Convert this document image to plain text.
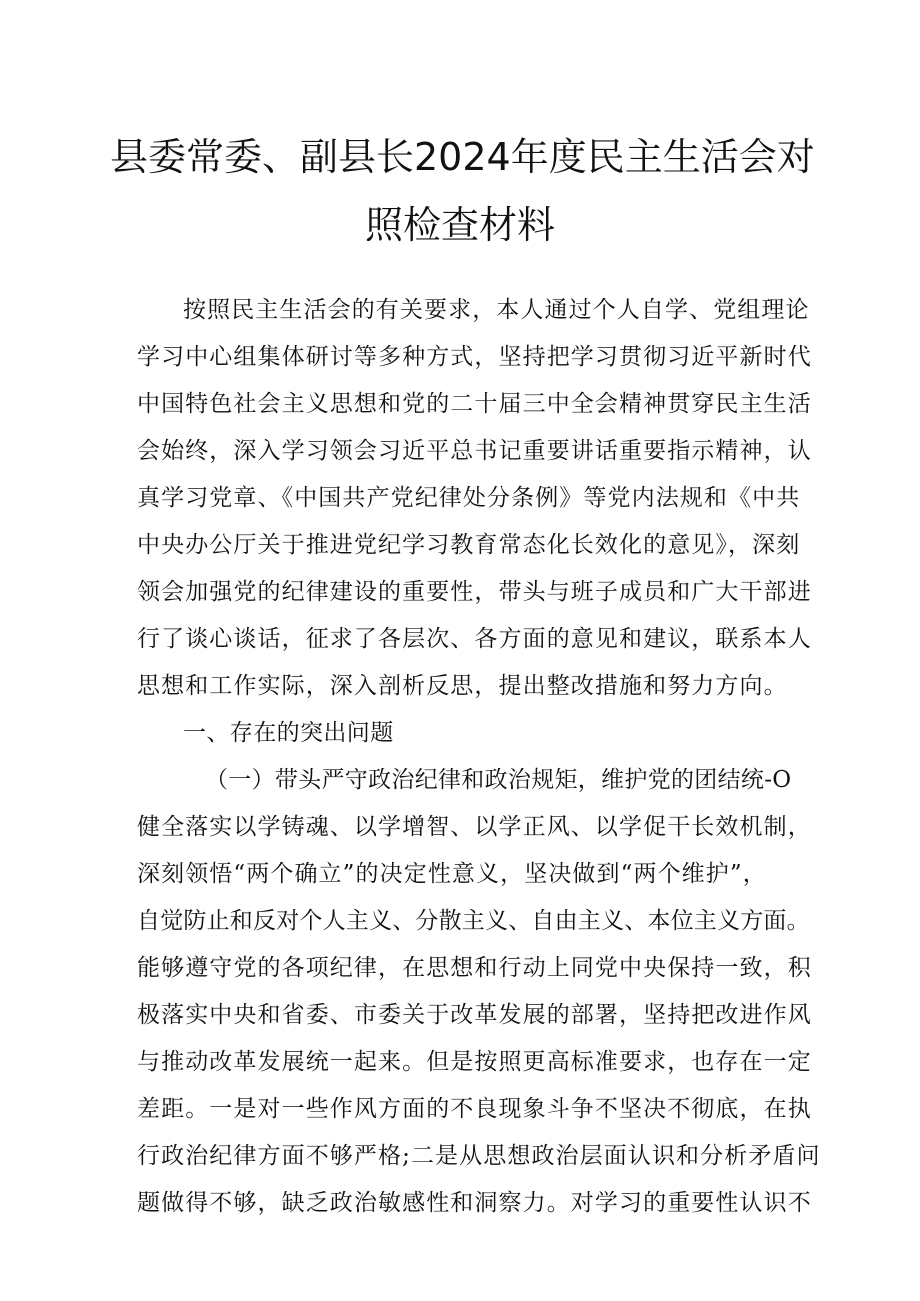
县委常委、副县长2024年度民主生活会对
照检查材料
按照民主生活会的有关要求，本人通过个人自学、党组理论
学习中心组集体研讨等多种方式，坚持把学习贯彻习近平新时代
中国特色社会主义思想和党的二十届三中全会精神贯穿民主生活
会始终，深入学习领会习近平总书记重要讲话重要指示精神，认
真学习党章、《中国共产党纪律处分条例》等党内法规和《中共
中央办公厅关于推进党纪学习教育常态化长效化的意见》，深刻
领会加强党的纪律建设的重要性，带头与班子成员和广大干部进
行了谈心谈话，征求了各层次、各方面的意见和建议，联系本人
思想和工作实际，深入剖析反思，提出整改措施和努力方向。
一、存在的突出问题
（一）带头严守政治纪律和政治规矩，维护党的团结统-O
健全落实以学铸魂、以学增智、以学正风、以学促干长效机制，
深刻领悟“两个确立”的决定性意义，坚决做到“两个维护”，
自觉防止和反对个人主义、分散主义、自由主义、本位主义方面。
能够遵守党的各项纪律，在思想和行动上同党中央保持一致，积
极落实中央和省委、市委关于改革发展的部署，坚持把改进作风
与推动改革发展统一起来。但是按照更高标准要求，也存在一定
差距。一是对一些作风方面的不良现象斗争不坚决不彻底，在执
行政治纪律方面不够严格;二是从思想政治层面认识和分析矛盾问
题做得不够，缺乏政治敏感性和洞察力。对学习的重要性认识不
